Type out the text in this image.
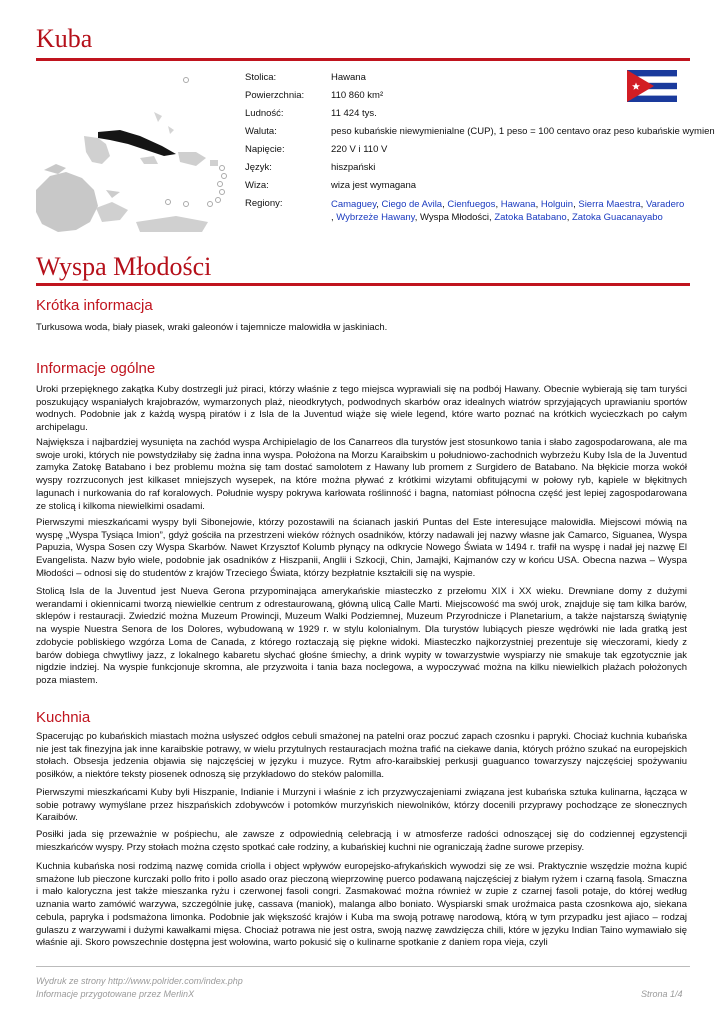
Kuba
Stolica:	Hawana
Powierzchnia:	110 860 km²
Ludność:	11 424 tys.
Waluta:	peso kubańskie niewymienialne (CUP), 1 peso = 100 centavo oraz peso kubańskie wymien
Napięcie:	220 V i 110 V
Język:	hiszpański
Wiza:	wiza jest wymagana
Regiony:	Camaguey, Ciego de Avila, Cienfuegos, Hawana, Holguin, Sierra Maestra, Varadero
, Wybrzeże Hawany, Wyspa Młodości, Zatoka Batabano, Zatoka Guacanayabo
Wyspa Młodości
Krótka informacja

Turkusowa woda, biały piasek, wraki galeonów i tajemnicze malowidła w jaskiniach.

Informacje ogólne

Uroki przepięknego zakątka Kuby dostrzegli już piraci, którzy właśnie z tego miejsca wyprawiali się na podbój Hawany. Obecnie wybierają się tam turyści poszukujący wspaniałych krajobrazów, wymarzonych plaż, nieodkrytych, podwodnych skarbów oraz idealnych wiatrów sprzyjających uprawianiu sportów wodnych. Podobnie jak z każdą wyspą piratów i z Isla de la Juventud wiąże się wiele legend, które warto poznać na krótkich wycieczkach po całym archipelagu.

Największa i najbardziej wysunięta na zachód wyspa Archipielagio de los Canarreos dla turystów jest stosunkowo tania i słabo zagospodarowana, ale ma swoje uroki, których nie powstydziłaby się żadna inna wyspa. Położona na Morzu Karaibskim u południowo-zachodnich wybrzeżu Kuby Isla de la Juventud zamyka Zatokę Batabano i bez problemu można się tam dostać samolotem z Hawany lub promem z Surgidero de Batabano. Na błękicie morza wokół wyspy rozrzuconych jest kilkaset mniejszych wysepek, na które można pływać z krótkimi wizytami obfitującymi w połowy ryb, kąpiele w błękitnych lagunach i nurkowania do raf koralowych. Południe wyspy pokrywa karłowata roślinność i bagna, natomiast północna część jest lepiej zagospodarowana ze stolicą i kilkoma niewielkimi osadami.

Pierwszymi mieszkańcami wyspy byli Sibonejowie, którzy pozostawili na ścianach jaskiń Puntas del Este interesujące malowidła. Miejscowi mówią na wyspę „Wyspa Tysiąca Imion”, gdyż gościła na przestrzeni wieków różnych osadników, którzy nadawali jej nazwy własne jak Camarco, Siguanea, Wyspa Papuzia, Wyspa Sosen czy Wyspa Skarbów. Nawet Krzysztof Kolumb płynący na odkrycie Nowego Świata w 1494 r. trafił na wyspę i nadał jej nazwę El Evangelista. Nazw było wiele, podobnie jak osadników z Hiszpanii, Anglii i Szkocji, Chin, Jamajki, Kajmanów czy w końcu USA. Obecna nazwa – Wyspa Młodości – odnosi się do studentów z krajów Trzeciego Świata, którzy bezpłatnie kształcili się na wyspie.

Stolicą Isla de la Juventud jest Nueva Gerona przypominająca amerykańskie miasteczko z przełomu XIX i XX wieku. Drewniane domy z dużymi werandami i okiennicami tworzą niewielkie centrum z odrestaurowaną, główną ulicą Calle Marti. Miejscowość ma swój urok, znajduje się tam kilka barów, sklepów i restauracji. Zwiedzić można Muzeum Prowincji, Muzeum Walki Podziemnej, Muzeum Przyrodnicze i Planetarium, a także najstarszą świątynię na wyspie Nuestra Senora de los Dolores, wybudowaną w 1929 r. w stylu kolonialnym. Dla turystów lubiących piesze wędrówki nie lada gratką jest zdobycie pobliskiego wzgórza Loma de Canada, z którego roztaczają się piękne widoki. Miasteczko najkorzystniej prezentuje się wieczorami, kiedy z barów dobiega chwytliwy jazz, z lokalnego kabaretu słychać głośne śmiechy, a drink wypity w towarzystwie wyspiarzy nie smakuje tak egzotycznie jak nigdzie indziej. Na wyspie funkcjonuje skromna, ale przyzwoita i tania baza noclegowa, a wypoczywać można na kilku niewielkich plażach położonych poza miastem.

Kuchnia

Spacerując po kubańskich miastach można usłyszeć odgłos cebuli smażonej na patelni oraz poczuć zapach czosnku i papryki. Chociaż kuchnia kubańska nie jest tak finezyjna jak inne karaibskie potrawy, w wielu przytulnych restauracjach można trafić na ciekawe dania, których próżno szukać na europejskich stołach. Obsesja jedzenia objawia się najczęściej w języku i muzyce. Rytm afro-karaibskiej perkusji guaguanco towarzyszy najczęściej spożywaniu posiłków, a niektóre teksty piosenek odnoszą się przykładowo do steków palomilla.

Pierwszymi mieszkańcami Kuby byli Hiszpanie, Indianie i Murzyni i właśnie z ich przyzwyczajeniami związana jest kubańska sztuka kulinarna, łącząca w sobie potrawy wymyślane przez hiszpańskich zdobywców i potomków murzyńskich niewolników, którzy docenili przyprawy pochodzące ze słonecznych Karaibów.

Posiłki jada się przeważnie w pośpiechu, ale zawsze z odpowiednią celebracją i w atmosferze radości odnoszącej się do codziennej egzystencji mieszkańców wyspy. Przy stołach można często spotkać całe rodziny, a kubańskiej kuchni nie ograniczają żadne surowe przepisy.

Kuchnia kubańska nosi rodzimą nazwę comida criolla i object wpływów europejsko-afrykańskich wywodzi się ze wsi. Praktycznie wszędzie można kupić smażone lub pieczone kurczaki pollo frito i pollo asado oraz pieczoną wieprzowinę puerco podawaną najczęściej z białym ryżem i czarną fasolą. Smaczna i mało kaloryczna jest także mieszanka ryżu i czerwonej fasoli congri. Zasmakować można również w zupie z czarnej fasoli potaje, do której według uznania warto zamówić warzywa, szczególnie jukę, cassava (maniok), malanga albo boniato. Wyspiarski smak uroźmaica pasta czosnkowa ajo, siekana cebula, papryka i podsmażona limonka. Podobnie jak większość krajów i Kuba ma swoją potrawę narodową, którą w tym przypadku jest ajiaco – rodzaj gulaszu z warzywami i dużymi kawałkami mięsa. Chociaż potrawa nie jest ostra, swoją nazwę zawdzięcza chili, które w języku Indian Taino wymawiało się właśnie aji. Skoro powszechnie dostępna jest wołowina, warto pokusić się o kulinarne spotkanie z daniem ropa vieja, czyli

Wydruk ze strony http://www.polrider.com/index.php
Informacje przygotowane przez MerlinX	Strona 1/4
